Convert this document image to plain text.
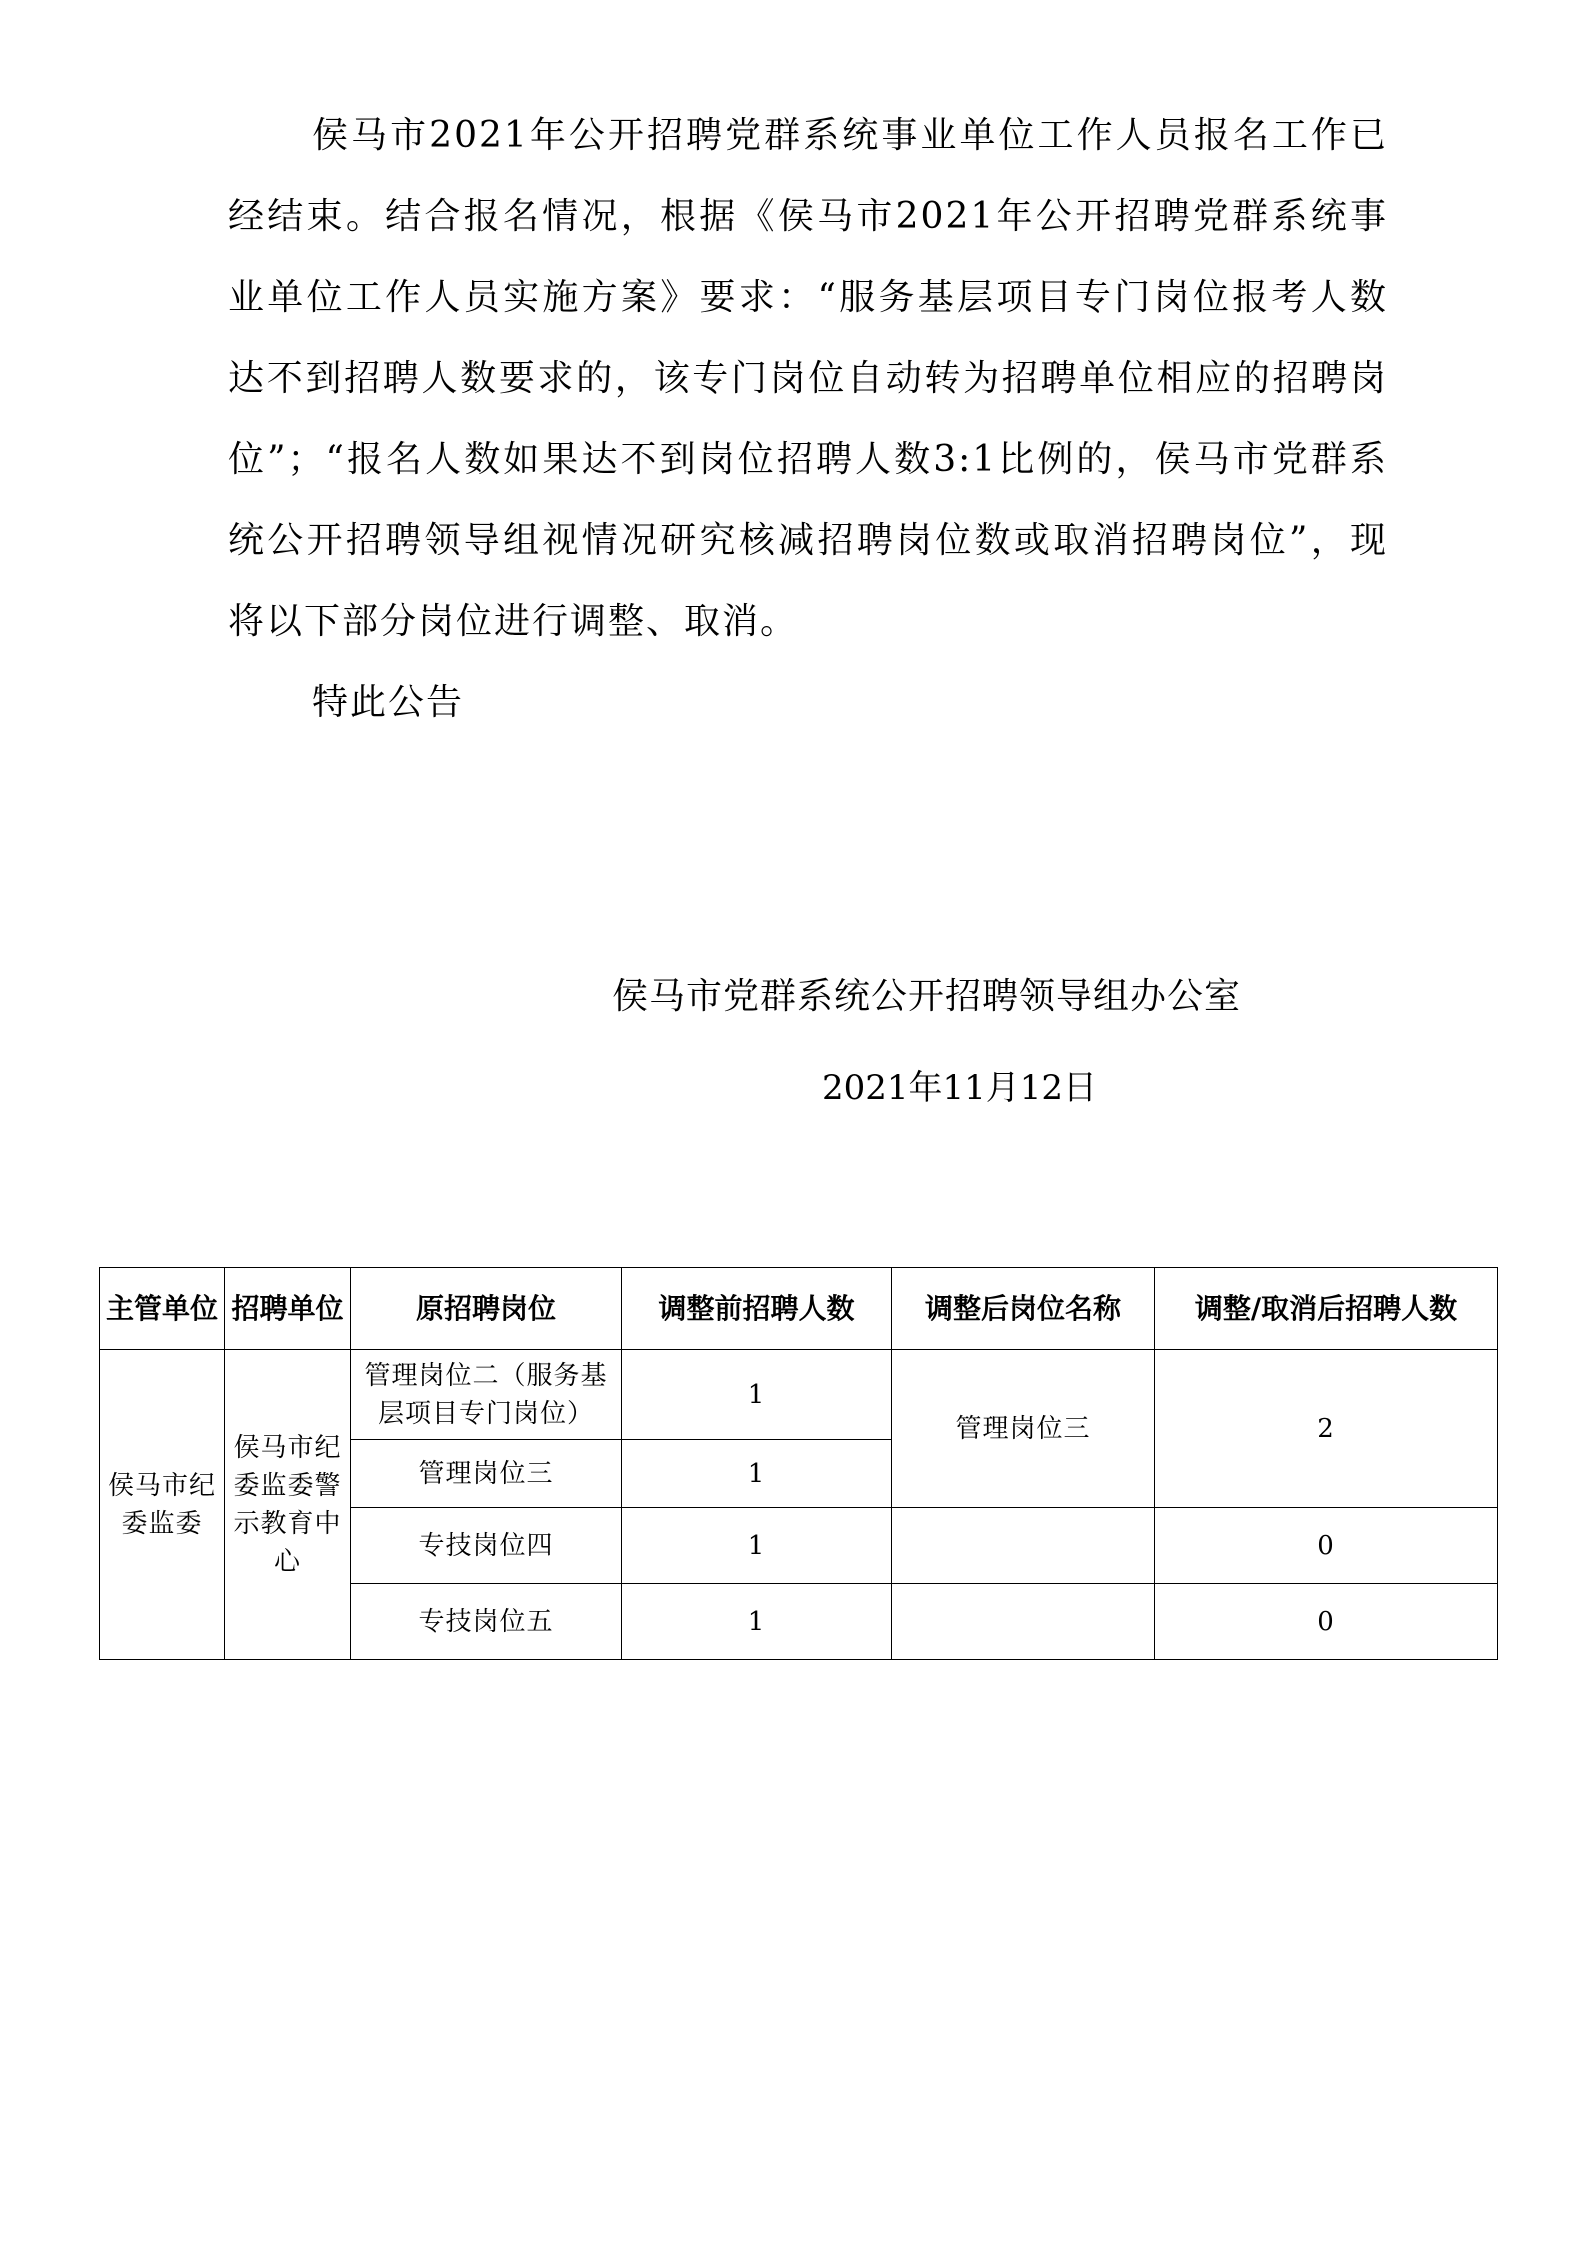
侯马市2021年公开招聘党群系统事业单位工作人员报名工作已经结束。结合报名情况，根据《侯马市2021年公开招聘党群系统事业单位工作人员实施方案》要求：“服务基层项目专门岗位报考人数达不到招聘人数要求的，该专门岗位自动转为招聘单位相应的招聘岗位”；“报名人数如果达不到岗位招聘人数3:1比例的，侯马市党群系统公开招聘领导组视情况研究核减招聘岗位数或取消招聘岗位”，现将以下部分岗位进行调整、取消。

特此公告

侯马市党群系统公开招聘领导组办公室
2021年11月12日
主管单位	招聘单位	原招聘岗位	调整前招聘人数	调整后岗位名称	调整/取消后招聘人数
侯马市纪委监委	侯马市纪委监委警示教育中心	管理岗位二（服务基层项目专门岗位）	1	管理岗位三	2
		管理岗位三	1		
		专技岗位四	1		0
		专技岗位五	1		0
